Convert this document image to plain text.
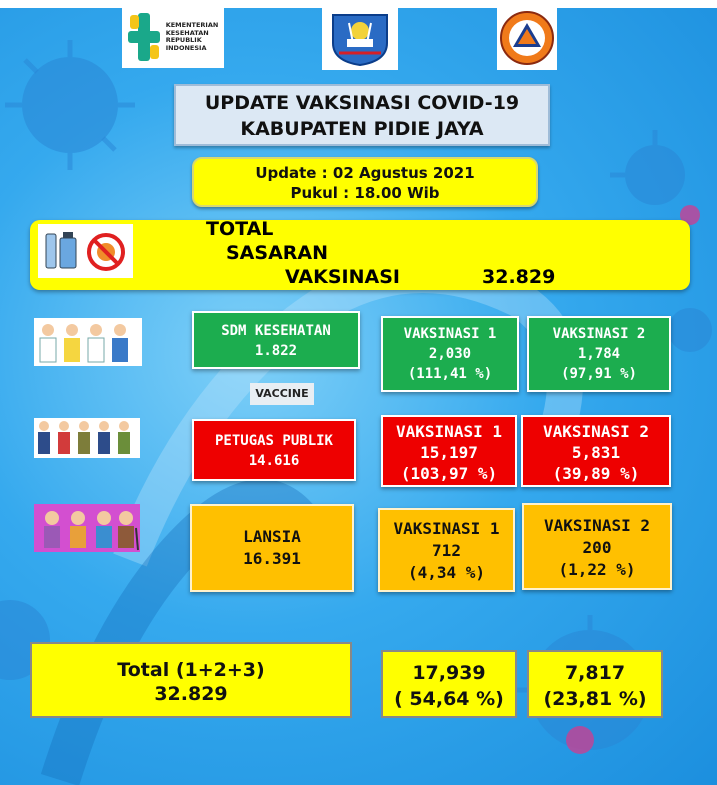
KEMENTERIAN
KESEHATAN
REPUBLIK
INDONESIA
UPDATE VAKSINASI COVID-19
KABUPATEN PIDIE JAYA
Update : 02 Agustus 2021
Pukul : 18.00 Wib
TOTAL
SASARAN
VAKSINASI	32.829
VACCINE
SDM KESEHATAN
1.822
VAKSINASI 1
2,030
(111,41 %)
VAKSINASI 2
1,784
(97,91 %)
PETUGAS PUBLIK
14.616
VAKSINASI 1
15,197
(103,97 %)
VAKSINASI 2
5,831
(39,89 %)
LANSIA
16.391
VAKSINASI 1
712
(4,34 %)
VAKSINASI 2
200
(1,22 %)
Total (1+2+3)
32.829
17,939
( 54,64 %)
7,817
(23,81 %)
